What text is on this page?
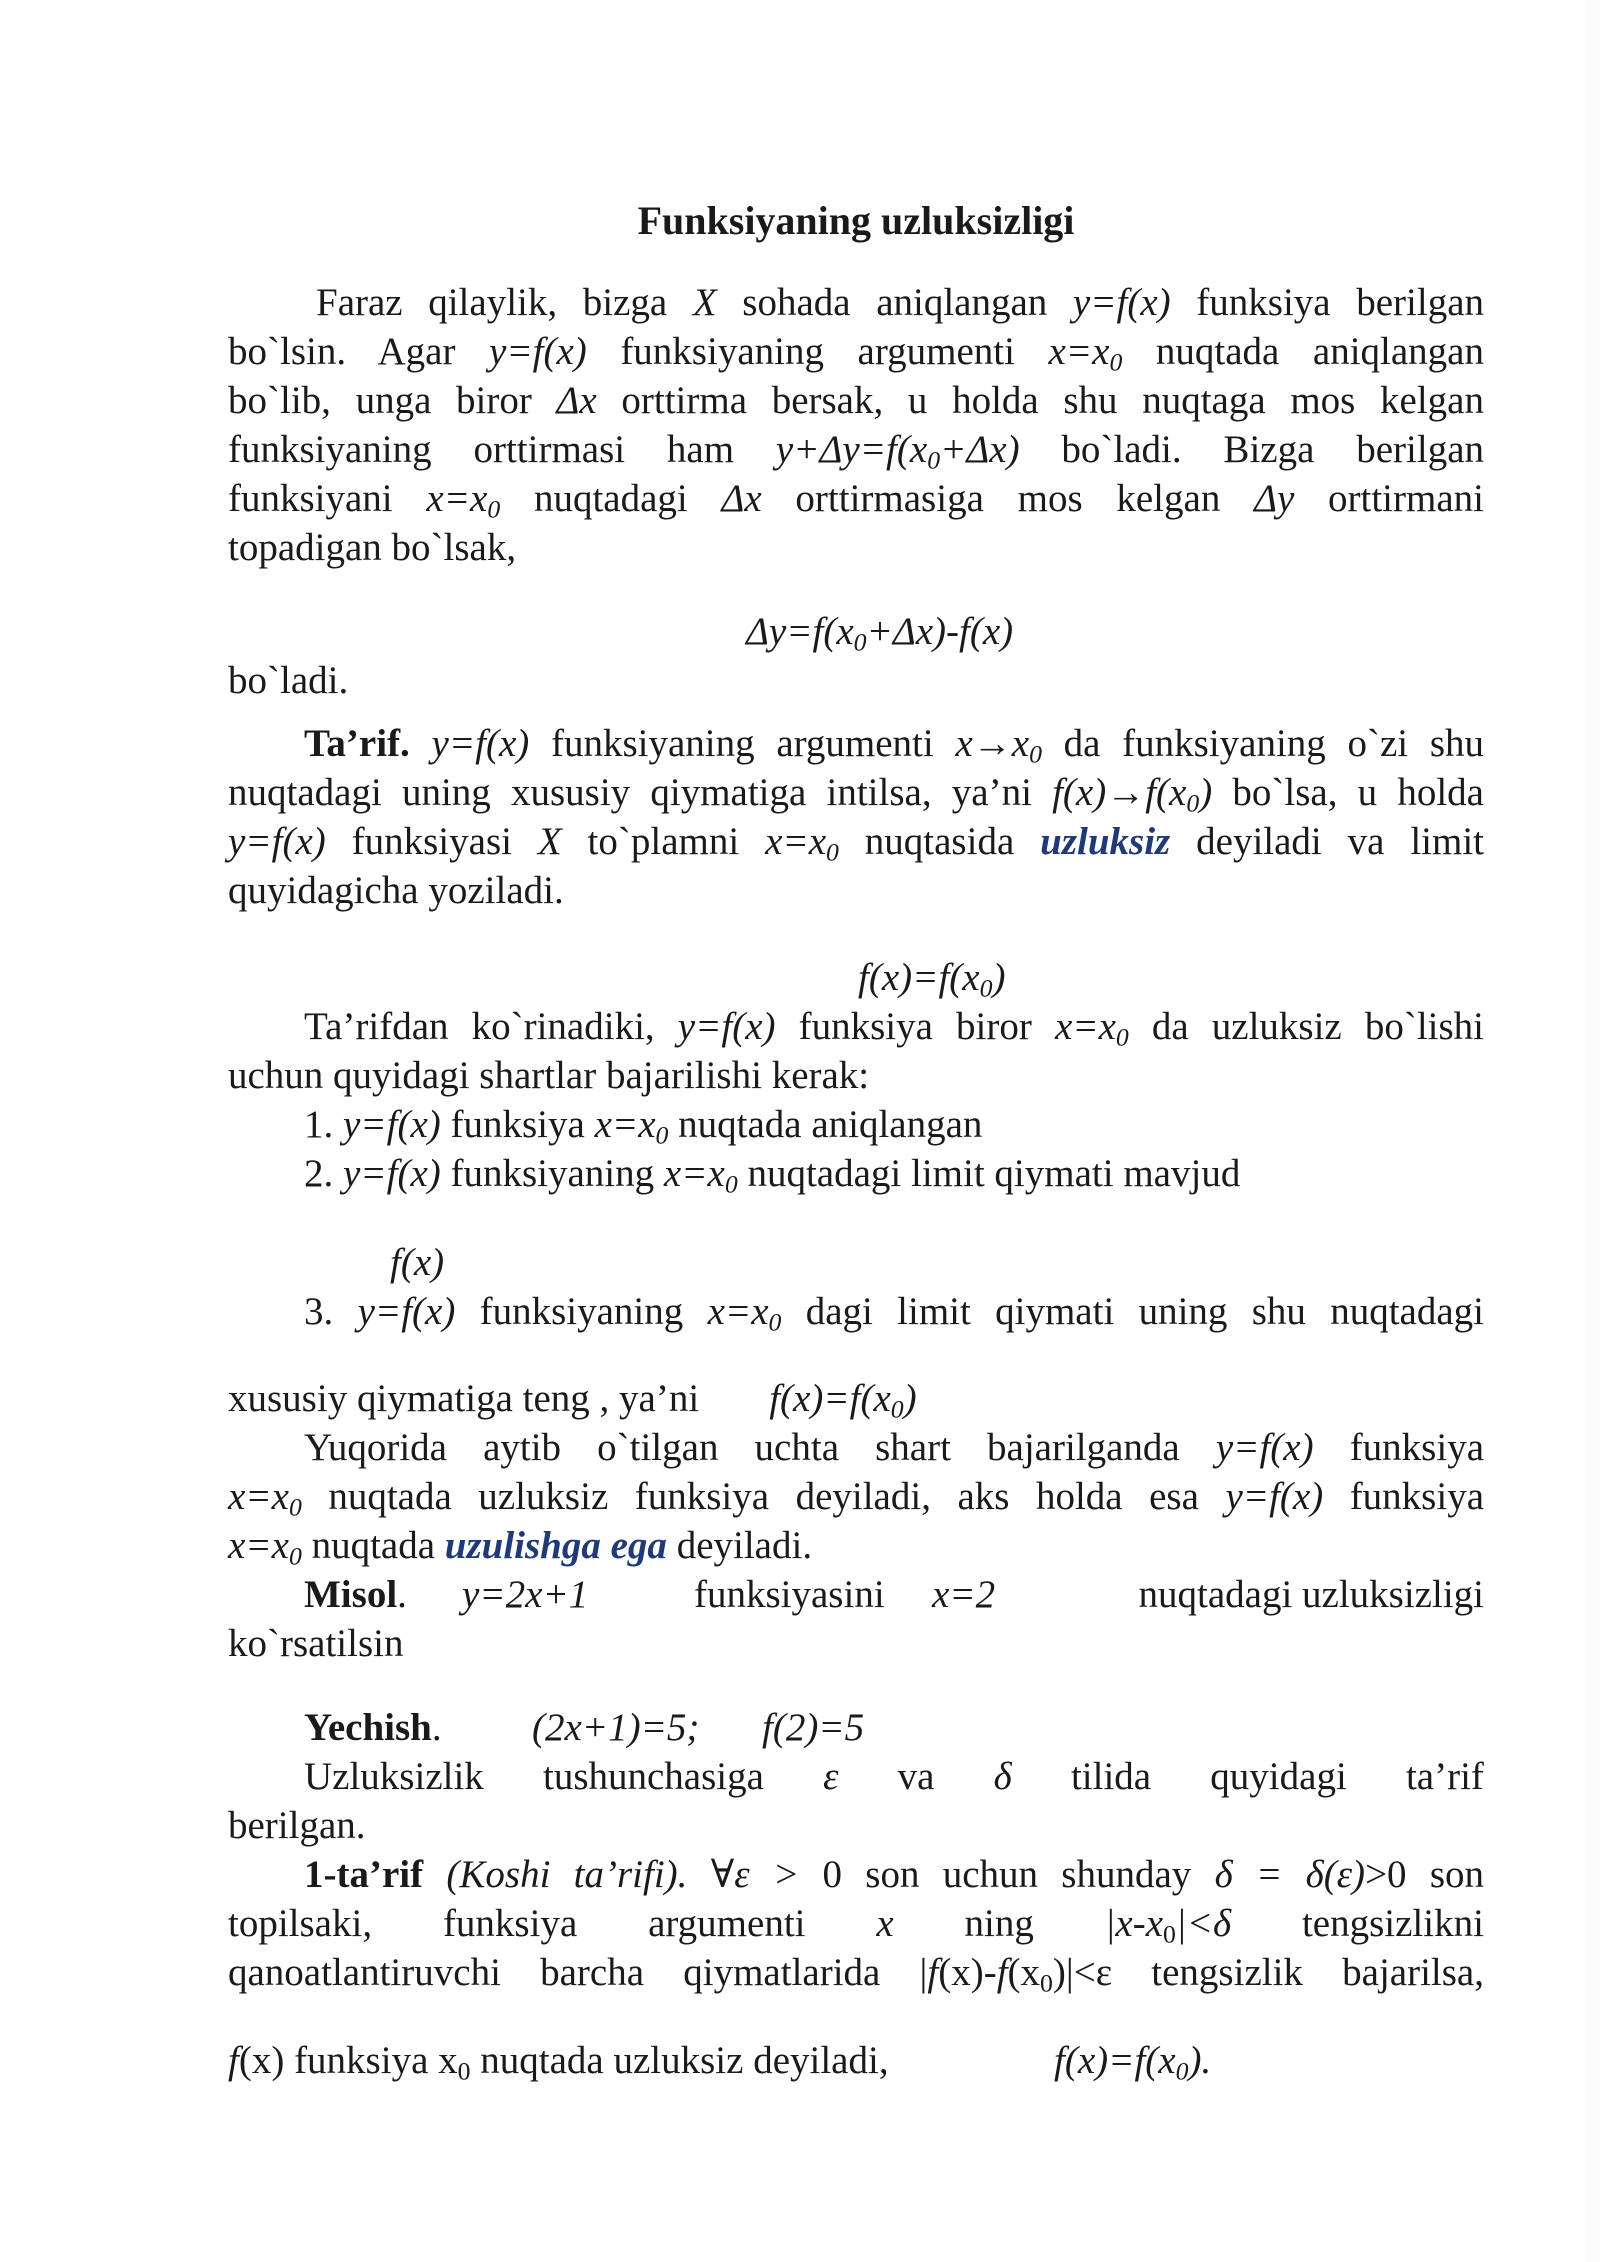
Funksiyaning uzluksizligi
Faraz qilaylik, bizga X sohada aniqlangan y=f(x) funksiya berilgan
bo`lsin. Agar y=f(x) funksiyaning argumenti $x=x_0$ nuqtada aniqlangan
bo`lib, unga biror Δx orttirma bersak, u holda shu nuqtaga mos kelgan
funksiyaning orttirmasi ham $y+\Delta y=f(x_0+\Delta x)$ bo`ladi. Bizga berilgan
funksiyani $x=x_0$ nuqtadagi Δx orttirmasiga mos kelgan Δy orttirmani
topadigan bo`lsak,
$\Delta y=f(x_0+\Delta x)-f(x)$
bo`ladi.
Ta’rif. y=f(x) funksiyaning argumenti $x\to x_0$ da funksiyaning o`zi shu
nuqtadagi uning xususiy qiymatiga intilsa, ya’ni $f(x)\to f(x_0)$ bo`lsa, u holda
y=f(x) funksiyasi X to`plamni $x=x_0$ nuqtasida uzluksiz deyiladi va limit
quyidagicha yoziladi.
$f(x)=f(x_0)$
Ta’rifdan ko`rinadiki, y=f(x) funksiya biror $x=x_0$ da uzluksiz bo`lishi
uchun quyidagi shartlar bajarilishi kerak:
1. y=f(x) funksiya $x=x_0$ nuqtada aniqlangan
2. y=f(x) funksiyaning $x=x_0$ nuqtadagi limit qiymati mavjud
f(x)
3. y=f(x) funksiyaning $x=x_0$ dagi limit qiymati uning shu nuqtadagi
xususiy qiymatiga teng , ya’ni $f(x)=f(x_0)$
Yuqorida aytib o`tilgan uchta shart bajarilganda y=f(x) funksiya
$x=x_0$ nuqtada uzluksiz funksiya deyiladi, aks holda esa y=f(x) funksiya
$x=x_0$ nuqtada uzulishga ega deyiladi.
Misol. y=2x+1	funksiyasini x=2	nuqtadagi uzluksizligi
ko`rsatilsin
Yechish. (2x+1)=5; f(2)=5
Uzluksizlik tushunchasiga ε va δ tilida quyidagi ta’rif
berilgan.
1-ta’rif (Koshi ta’rifi). ∀ε > 0 son uchun shunday δ = δ(ε)>0 son
topilsaki, funksiya argumenti x ning $|x-x_0|<\delta$ tengsizlikni
qanoatlantiruvchi barcha qiymatlarida $|f(x)-f(x_0)|<\varepsilon$ tengsizlik bajarilsa,
f(x) funksiya $x_0$ nuqtada uzluksiz deyiladi,	$f(x)=f(x_0)$.
